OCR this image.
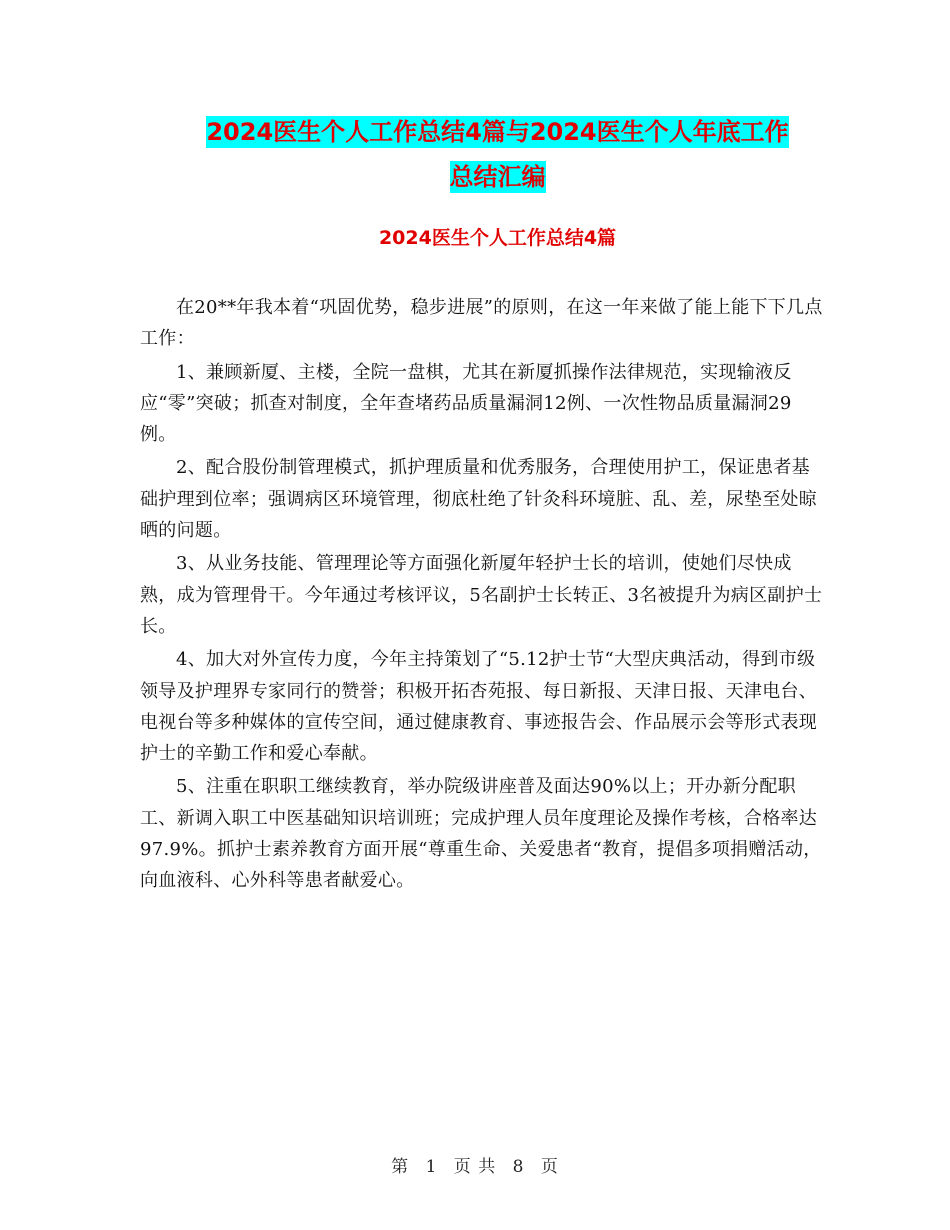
2024医生个人工作总结4篇与2024医生个人年底工作
总结汇编
2024医生个人工作总结4篇

在20**年我本着“巩固优势，稳步进展”的原则，在这一年来做了能上能下下几点工作：

1、兼顾新厦、主楼，全院一盘棋，尤其在新厦抓操作法律规范，实现输液反应“零”突破；抓查对制度，全年查堵药品质量漏洞12例、一次性物品质量漏洞29例。

2、配合股份制管理模式，抓护理质量和优秀服务，合理使用护工，保证患者基础护理到位率；强调病区环境管理，彻底杜绝了针灸科环境脏、乱、差，尿垫至处晾晒的问题。

3、从业务技能、管理理论等方面强化新厦年轻护士长的培训，使她们尽快成熟，成为管理骨干。今年通过考核评议，5名副护士长转正、3名被提升为病区副护士长。

4、加大对外宣传力度，今年主持策划了“5.12护士节“大型庆典活动，得到市级领导及护理界专家同行的赞誉；积极开拓杏苑报、每日新报、天津日报、天津电台、电视台等多种媒体的宣传空间，通过健康教育、事迹报告会、作品展示会等形式表现护士的辛勤工作和爱心奉献。

5、注重在职职工继续教育，举办院级讲座普及面达90%以上；开办新分配职工、新调入职工中医基础知识培训班；完成护理人员年度理论及操作考核，合格率达97.9%。抓护士素养教育方面开展“尊重生命、关爱患者“教育，提倡多项捐赠活动，向血液科、心外科等患者献爱心。

第 1 页 共 8 页
